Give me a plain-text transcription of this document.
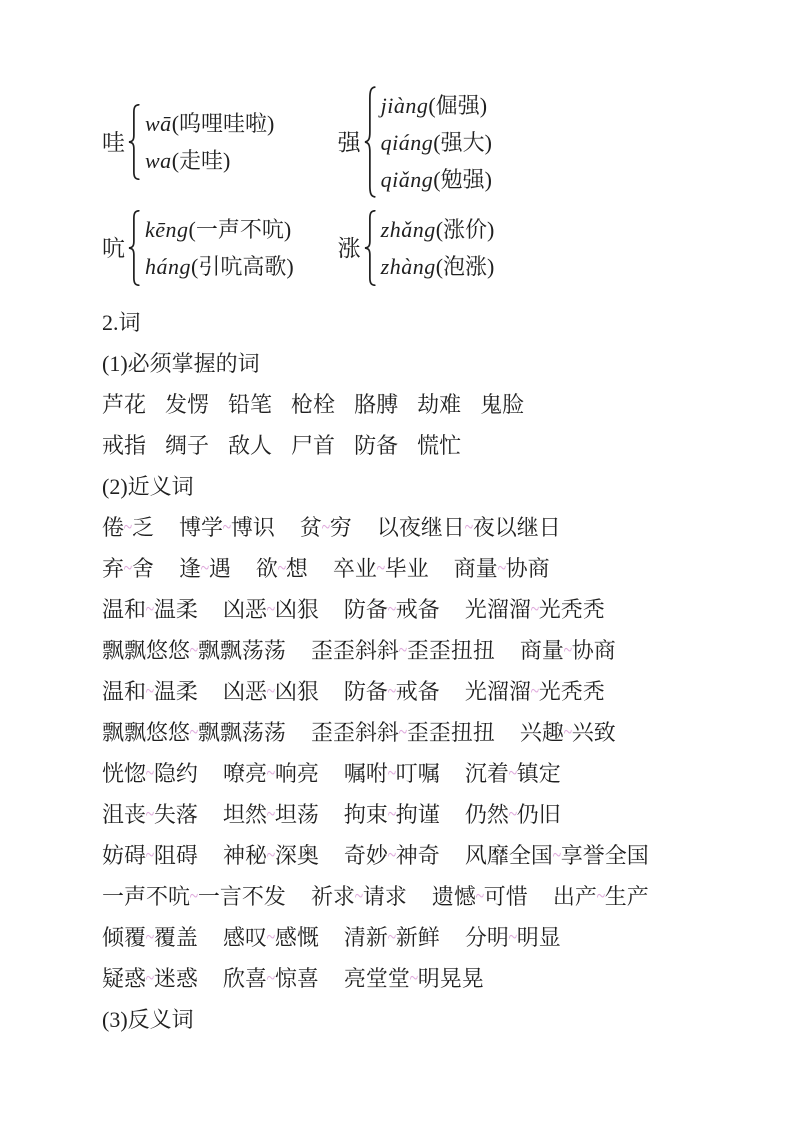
哇
wā(呜哩哇啦)
wa(走哇)
强
jiàng(倔强)
qiáng(强大)
qiǎng(勉强)
吭
kēng(一声不吭)
háng(引吭高歌)
涨
zhǎng(涨价)
zhàng(泡涨)
2.词
(1)必须掌握的词
芦花 发愣 铅笔 枪栓 胳膊 劫难 鬼脸
戒指 绸子 敌人 尸首 防备 慌忙
(2)近义词
倦~乏 博学~博识 贫~穷 以夜继日~夜以继日
弃~舍 逢~遇 欲~想 卒业~毕业 商量~协商
温和~温柔 凶恶~凶狠 防备~戒备 光溜溜~光秃秃
飘飘悠悠~飘飘荡荡 歪歪斜斜~歪歪扭扭 商量~协商
温和~温柔 凶恶~凶狠 防备~戒备 光溜溜~光秃秃
飘飘悠悠~飘飘荡荡 歪歪斜斜~歪歪扭扭 兴趣~兴致
恍惚~隐约 嘹亮~响亮 嘱咐~叮嘱 沉着~镇定
沮丧~失落 坦然~坦荡 拘束~拘谨 仍然~仍旧
妨碍~阻碍 神秘~深奥 奇妙~神奇 风靡全国~享誉全国
一声不吭~一言不发 祈求~请求 遗憾~可惜 出产~生产
倾覆~覆盖 感叹~感慨 清新~新鲜 分明~明显
疑惑~迷惑 欣喜~惊喜 亮堂堂~明晃晃
(3)反义词
